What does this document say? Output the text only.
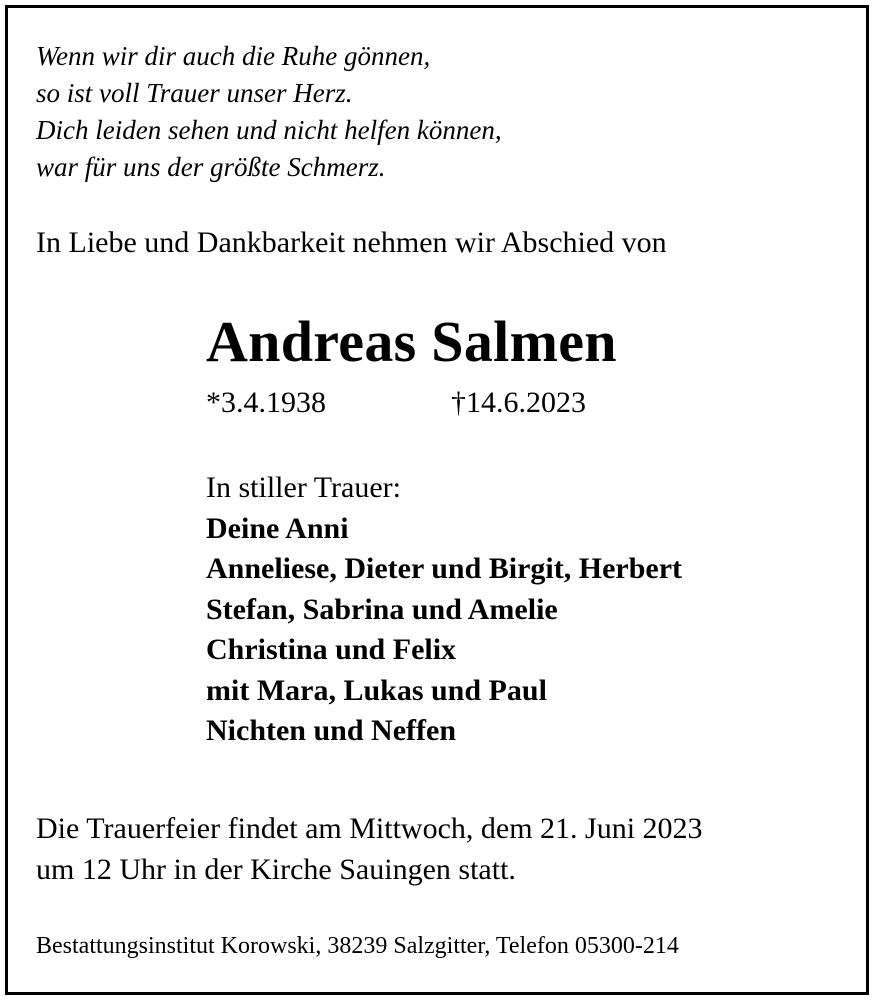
Wenn wir dir auch die Ruhe gönnen,
so ist voll Trauer unser Herz.
Dich leiden sehen und nicht helfen können,
war für uns der größte Schmerz.
In Liebe und Dankbarkeit nehmen wir Abschied von
Andreas Salmen
*3.4.1938	†14.6.2023
In stiller Trauer:
Deine Anni
Anneliese, Dieter und Birgit, Herbert
Stefan, Sabrina und Amelie
Christina und Felix
mit Mara, Lukas und Paul
Nichten und Neffen
Die Trauerfeier findet am Mittwoch, dem 21. Juni 2023
um 12 Uhr in der Kirche Sauingen statt.
Bestattungsinstitut Korowski, 38239 Salzgitter, Telefon 05300-214
